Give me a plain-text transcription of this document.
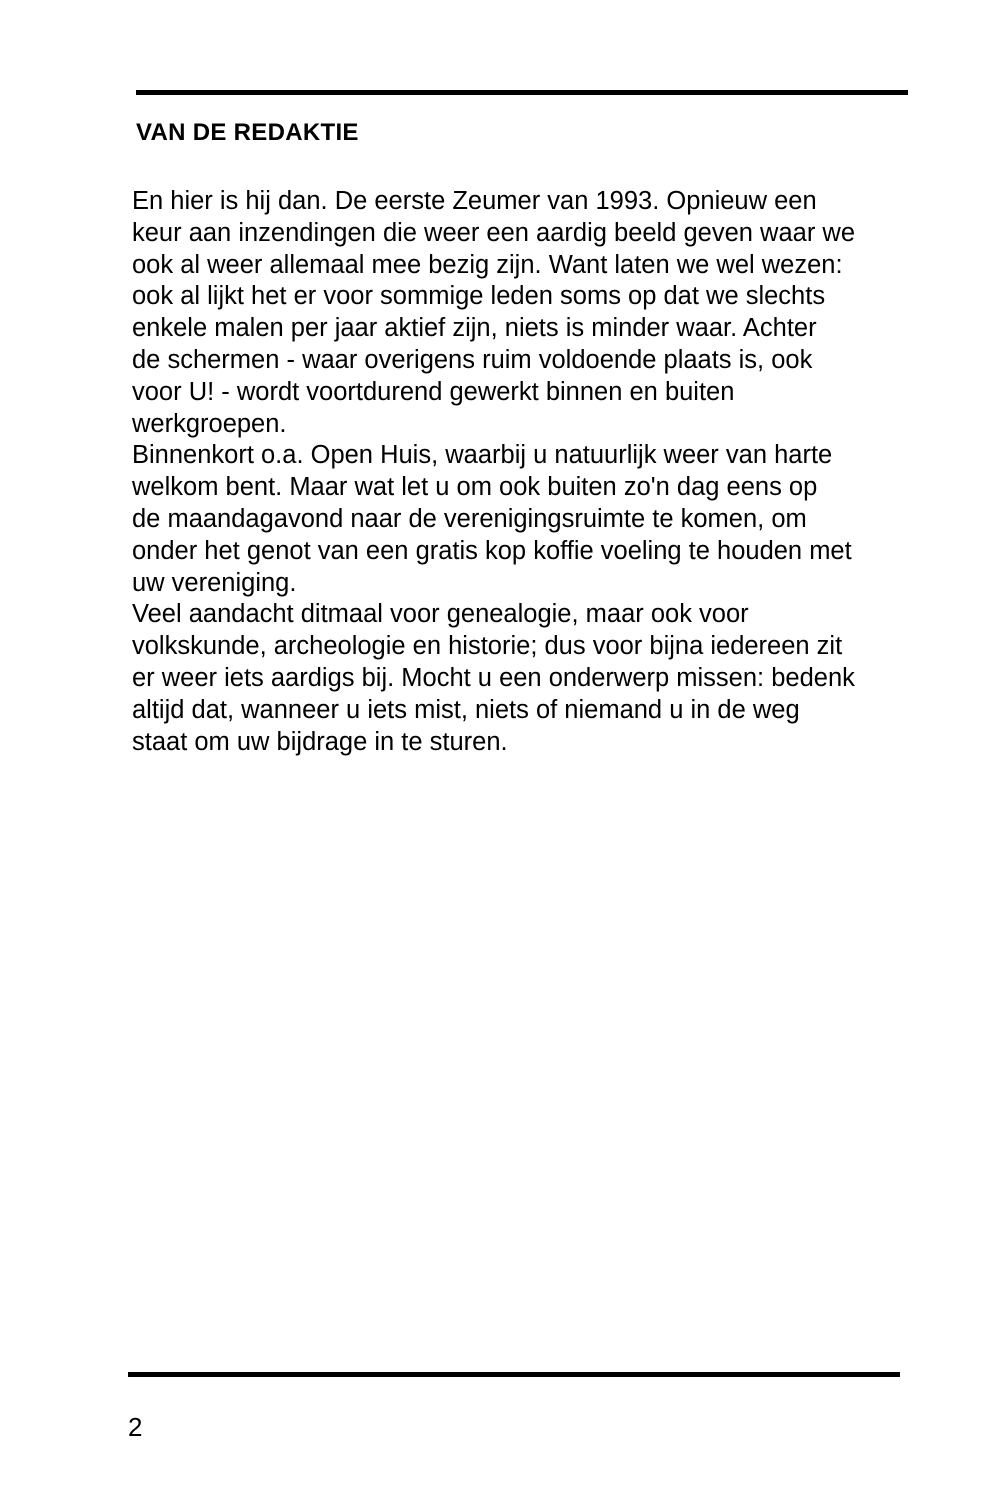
VAN DE REDAKTIE

En hier is hij dan. De eerste Zeumer van 1993. Opnieuw een
keur aan inzendingen die weer een aardig beeld geven waar we
ook al weer allemaal mee bezig zijn. Want laten we wel wezen:
ook al lijkt het er voor sommige leden soms op dat we slechts
enkele malen per jaar aktief zijn, niets is minder waar. Achter
de schermen - waar overigens ruim voldoende plaats is, ook
voor U! - wordt voortdurend gewerkt binnen en buiten
werkgroepen.

Binnenkort o.a. Open Huis, waarbij u natuurlijk weer van harte
welkom bent. Maar wat let u om ook buiten zo'n dag eens op
de maandagavond naar de verenigingsruimte te komen, om
onder het genot van een gratis kop koffie voeling te houden met
uw vereniging.

Veel aandacht ditmaal voor genealogie, maar ook voor
volkskunde, archeologie en historie; dus voor bijna iedereen zit
er weer iets aardigs bij. Mocht u een onderwerp missen: bedenk
altijd dat, wanneer u iets mist, niets of niemand u in de weg
staat om uw bijdrage in te sturen.

2
